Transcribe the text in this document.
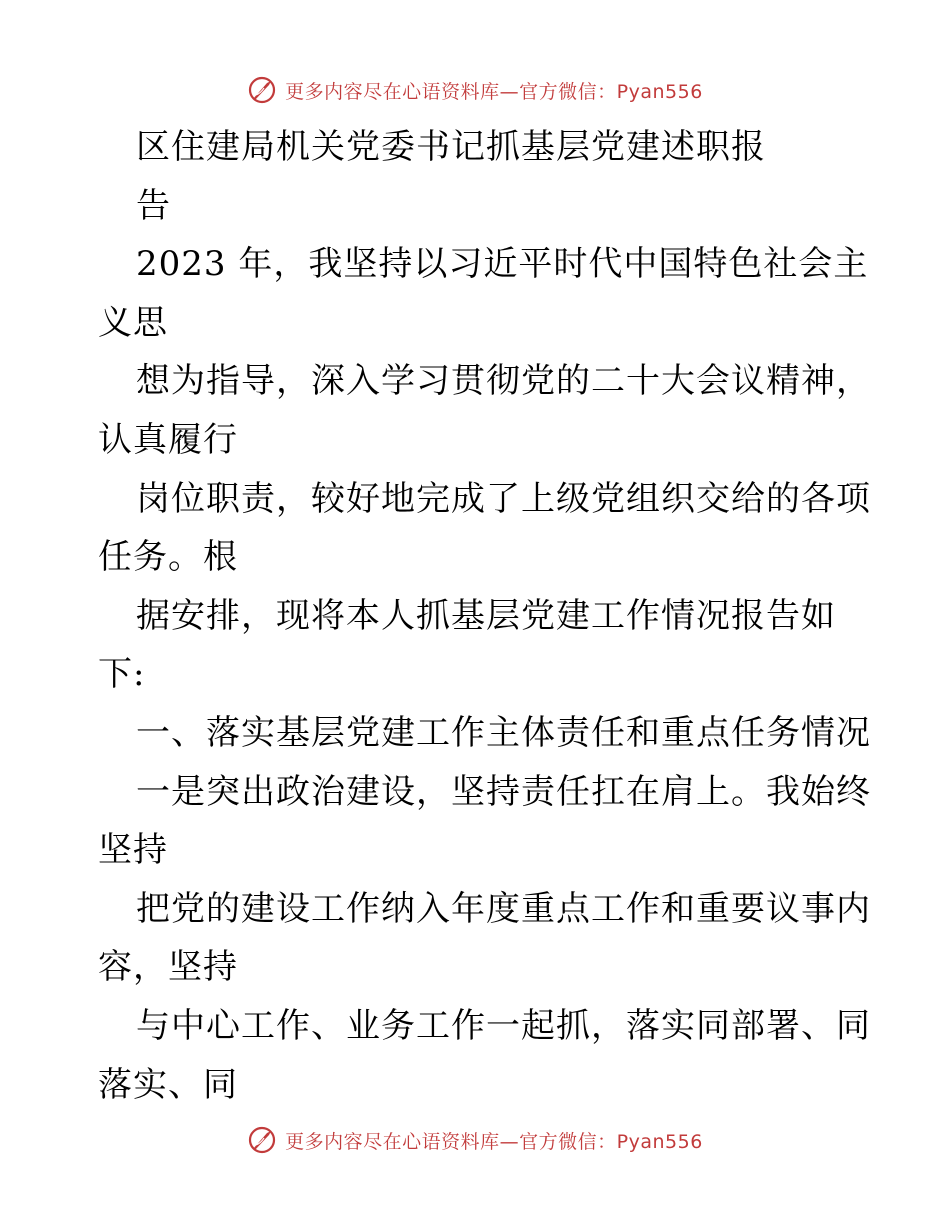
更多内容尽在心语资料库—官方微信：Pyan556
区住建局机关党委书记抓基层党建述职报
告
2023 年，我坚持以习近平时代中国特色社会主
义思
想为指导，深入学习贯彻党的二十大会议精神，
认真履行
岗位职责，较好地完成了上级党组织交给的各项
任务。根
据安排，现将本人抓基层党建工作情况报告如
下:
一、落实基层党建工作主体责任和重点任务情况
一是突出政治建设，坚持责任扛在肩上。我始终
坚持
把党的建设工作纳入年度重点工作和重要议事内
容，坚持
与中心工作、业务工作一起抓，落实同部署、同
落实、同
更多内容尽在心语资料库—官方微信：Pyan556
